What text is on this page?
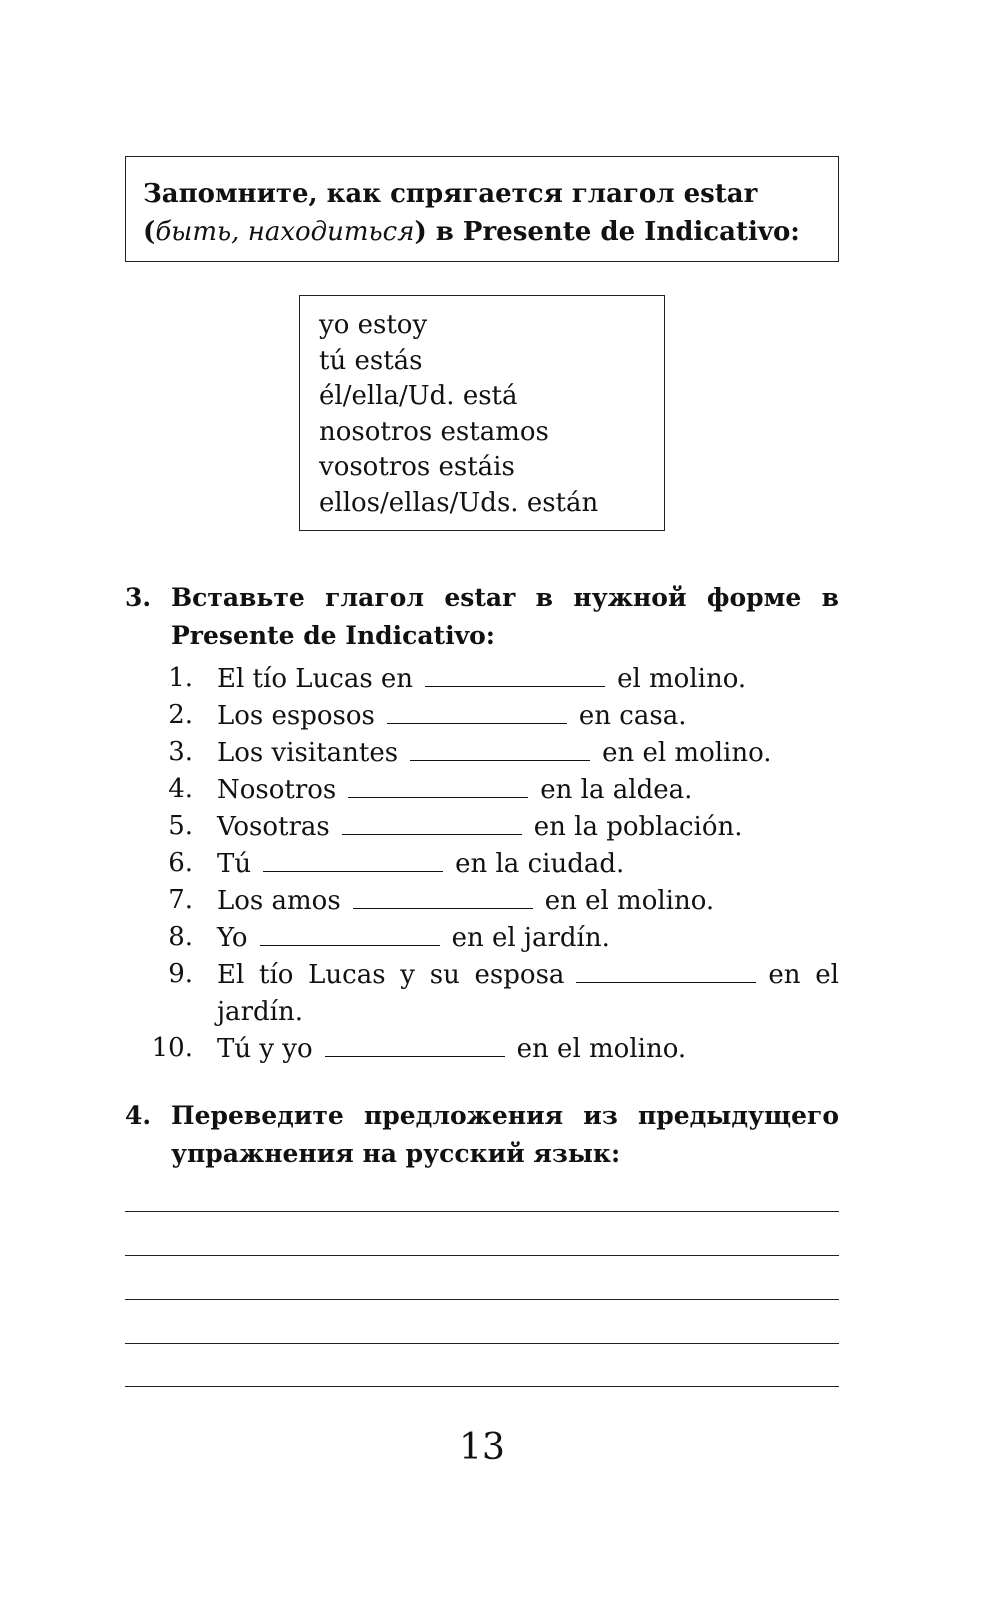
Запомните, как спрягается глагол estar
(быть, находиться) в Presente de Indicativo:
yo estoy
tú estás
él/ella/Ud. está
nosotros estamos
vosotros estáis
ellos/ellas/Uds. están
3. Вставьте глагол estar в нужной форме в Presente de Indicativo:
1. El tío Lucas en	el molino.
2. Los esposos	en casa.
3. Los visitantes	en el molino.
4. Nosotros	en la aldea.
5. Vosotras	en la población.
6. Tú	en la ciudad.
7. Los amos	en el molino.
8. Yo	en el jardín.
9. El tío Lucas y su esposa	en el jardín.
10. Tú y yo	en el molino.
4. Переведите предложения из предыдущего упражнения на русский язык:
13
